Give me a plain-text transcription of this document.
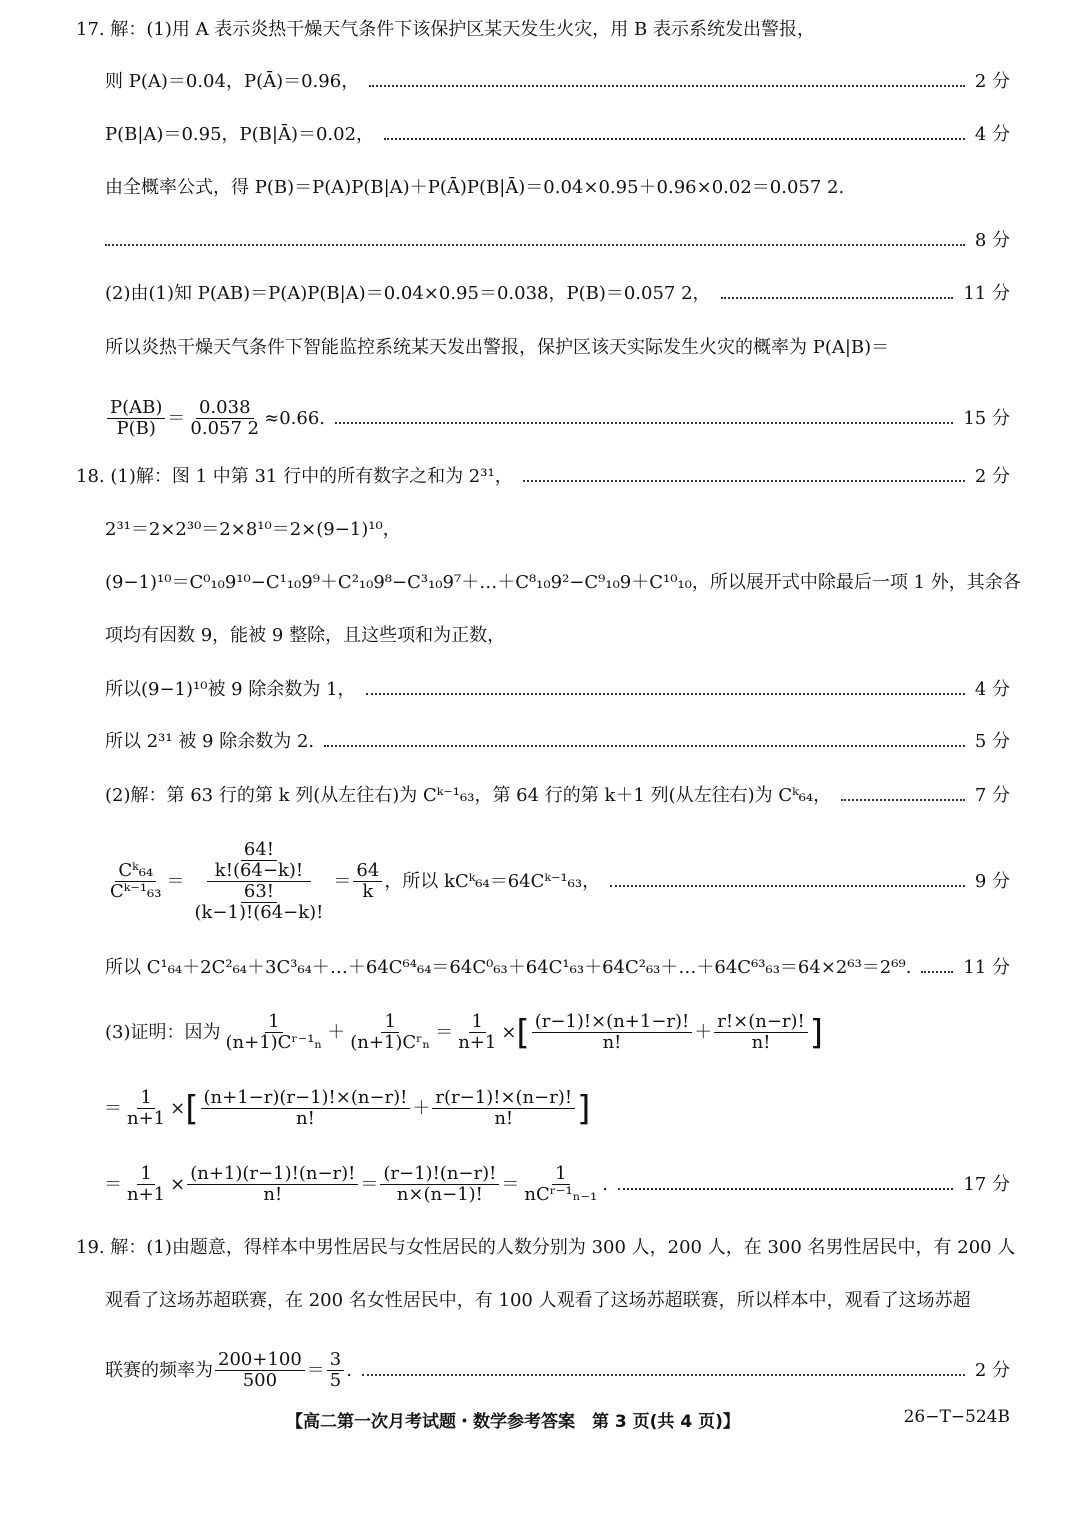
17. 解：(1)用 A 表示炎热干燥天气条件下该保护区某天发生火灾，用 B 表示系统发出警报，
则 P(A)＝0.04，P(Ā)＝0.96，	2 分
P(B|A)＝0.95，P(B|Ā)＝0.02，	4 分
由全概率公式，得 P(B)＝P(A)P(B|A)＋P(Ā)P(B|Ā)＝0.04×0.95＋0.96×0.02＝0.057 2.
8 分
(2)由(1)知 P(AB)＝P(A)P(B|A)＝0.04×0.95＝0.038，P(B)＝0.057 2，	11 分
所以炎热干燥天气条件下智能监控系统某天发出警报，保护区该天实际发生火灾的概率为 P(A|B)＝
$\frac{P(AB)}{P(B)} = \frac{0.038}{0.057 2} \approx 0.66$.	15 分
18. (1)解：图 1 中第 31 行中的所有数字之和为 2³¹，	2 分
2³¹＝2×2³⁰＝2×8¹⁰＝2×(9−1)¹⁰，
(9−1)¹⁰＝C⁰₁₀9¹⁰−C¹₁₀9⁹＋C²₁₀9⁸−C³₁₀9⁷＋…＋C⁸₁₀9²−C⁹₁₀9＋C¹⁰₁₀，所以展开式中除最后一项 1 外，其余各
项均有因数 9，能被 9 整除，且这些项和为正数，
所以(9−1)¹⁰被 9 除余数为 1，	4 分
所以 2³¹ 被 9 除余数为 2.	5 分
(2)解：第 63 行的第 k 列(从左往右)为 Cᵏ⁻¹₆₃，第 64 行的第 k＋1 列(从左往右)为 Cᵏ₆₄，	7 分
$\frac{\text{Cᵏ₆₄}}{\text{Cᵏ⁻¹₆₃}} = \frac{\frac{64!}{k!(64-k)!}}{\frac{63!}{(k-1)!(64-k)!}} = \frac{64}{k}$ ，所以 kCᵏ₆₄＝64Cᵏ⁻¹₆₃，	9 分
所以 C¹₆₄＋2C²₆₄＋3C³₆₄＋…＋64C⁶⁴₆₄＝64C⁰₆₃＋64C¹₆₃＋64C²₆₃＋…＋64C⁶³₆₃＝64×2⁶³＝2⁶⁹.	11 分
(3)证明：因为 $\frac{1}{\text{(n+1)Cʳ⁻¹ₙ}} + \frac{1}{\text{(n+1)Cʳₙ}} = \frac{1}{n+1}$ × [ $\frac{(r-1)!\times(n+1-r)!}{n!} + \frac{r!\times(n-r)!}{n!}$ ]
＝ $\frac{1}{n+1}$ × [ $\frac{(n+1-r)(r-1)!\times(n-r)!}{n!} + \frac{r(r-1)!\times(n-r)!}{n!}$ ]
＝ $\frac{1}{n+1} \times \frac{(n+1)(r-1)!(n-r)!}{n!} = \frac{(r-1)!(n-r)!}{n\times(n-1)!} = \frac{1}{\text{nCʳ⁻¹ₙ₋₁}}$ .	17 分
19. 解：(1)由题意，得样本中男性居民与女性居民的人数分别为 300 人，200 人，在 300 名男性居民中，有 200 人
观看了这场苏超联赛，在 200 名女性居民中，有 100 人观看了这场苏超联赛，所以样本中，观看了这场苏超
联赛的频率为 $\frac{200+100}{500} = \frac{3}{5}$ .	2 分
【高二第一次月考试题・数学参考答案　第 3 页(共 4 页)】	26−T−524B
